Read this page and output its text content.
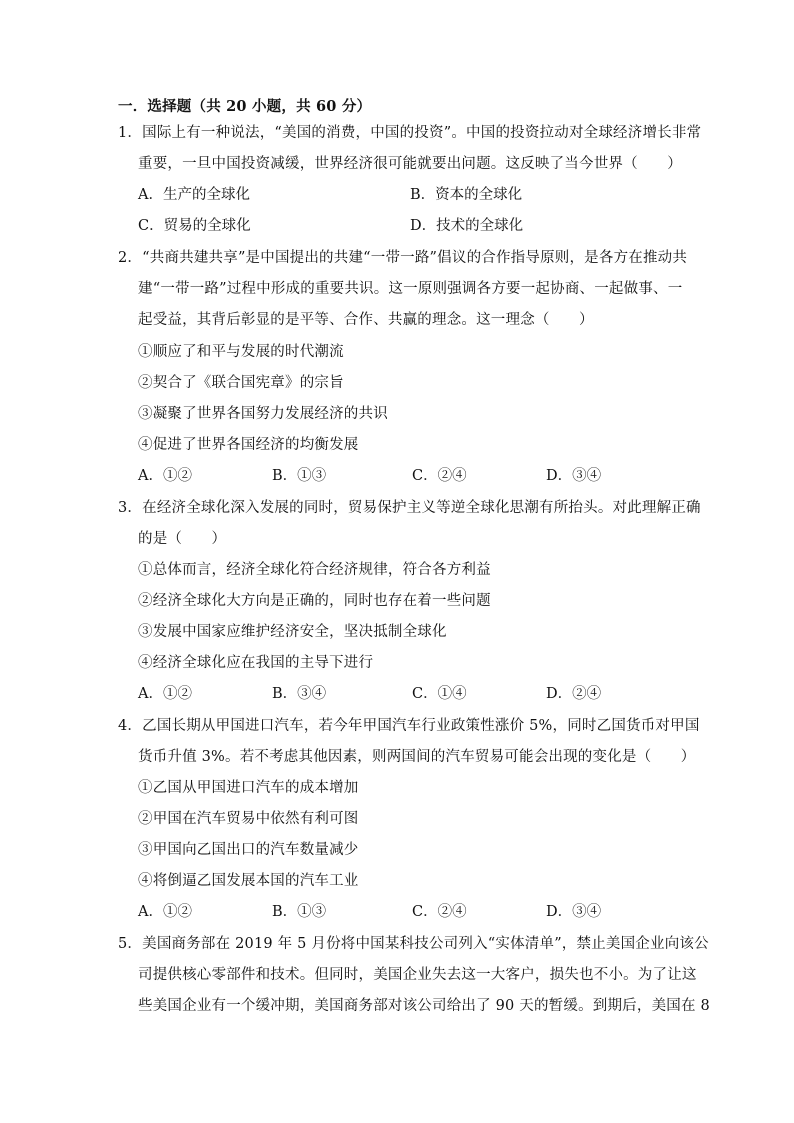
一．选择题（共 20 小题，共 60 分）
1．国际上有一种说法，“美国的消费，中国的投资”。中国的投资拉动对全球经济增长非常
重要，一旦中国投资减缓，世界经济很可能就要出问题。这反映了当今世界（　　）
A．生产的全球化	B．资本的全球化
C．贸易的全球化	D．技术的全球化
2．“共商共建共享”是中国提出的共建“一带一路”倡议的合作指导原则，是各方在推动共
建“一带一路”过程中形成的重要共识。这一原则强调各方要一起协商、一起做事、一
起受益，其背后彰显的是平等、合作、共赢的理念。这一理念（　　）
①顺应了和平与发展的时代潮流
②契合了《联合国宪章》的宗旨
③凝聚了世界各国努力发展经济的共识
④促进了世界各国经济的均衡发展
A．①②	B．①③	C．②④	D．③④
3．在经济全球化深入发展的同时，贸易保护主义等逆全球化思潮有所抬头。对此理解正确
的是（　　）
①总体而言，经济全球化符合经济规律，符合各方利益
②经济全球化大方向是正确的，同时也存在着一些问题
③发展中国家应维护经济安全，坚决抵制全球化
④经济全球化应在我国的主导下进行
A．①②	B．③④	C．①④	D．②④
4．乙国长期从甲国进口汽车，若今年甲国汽车行业政策性涨价 5%，同时乙国货币对甲国
货币升值 3%。若不考虑其他因素，则两国间的汽车贸易可能会出现的变化是（　　）
①乙国从甲国进口汽车的成本增加
②甲国在汽车贸易中依然有利可图
③甲国向乙国出口的汽车数量减少
④将倒逼乙国发展本国的汽车工业
A．①②	B．①③	C．②④	D．③④
5．美国商务部在 2019 年 5 月份将中国某科技公司列入“实体清单”，禁止美国企业向该公
司提供核心零部件和技术。但同时，美国企业失去这一大客户，损失也不小。为了让这
些美国企业有一个缓冲期，美国商务部对该公司给出了 90 天的暂缓。到期后，美国在 8
